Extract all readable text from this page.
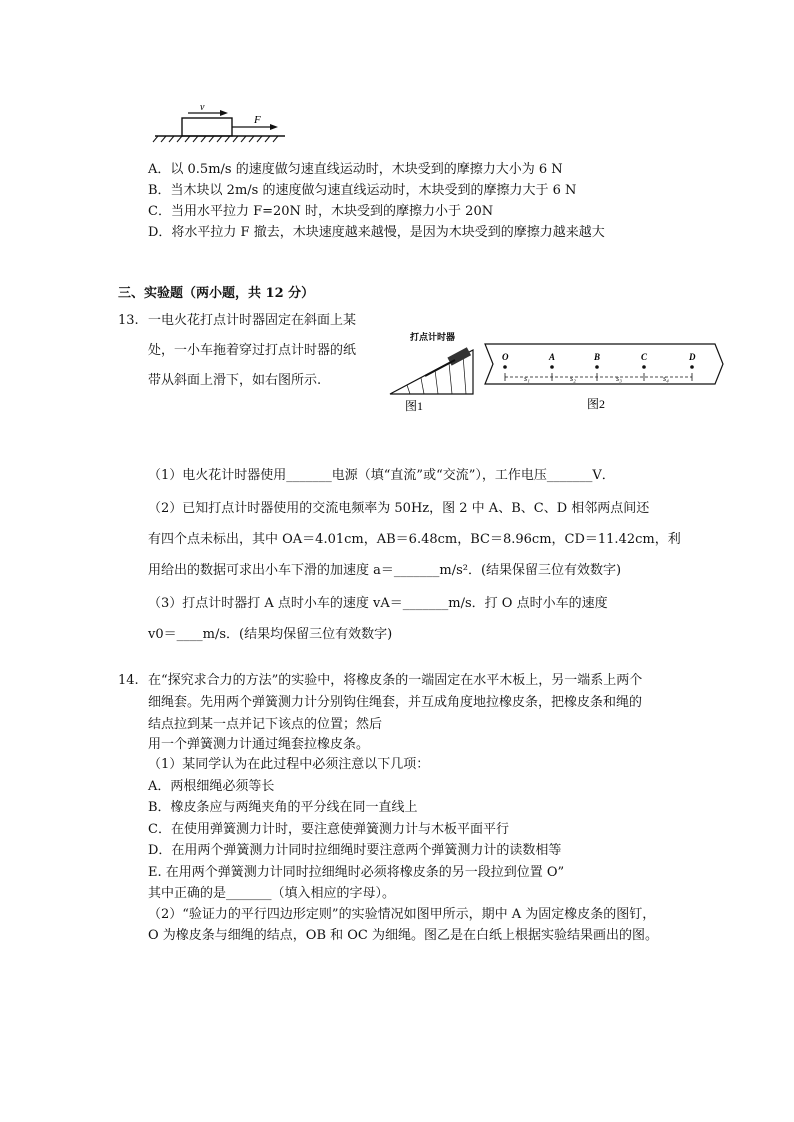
v
F
A．以 0.5m/s 的速度做匀速直线运动时，木块受到的摩擦力大小为 6 N
B．当木块以 2m/s 的速度做匀速直线运动时，木块受到的摩擦力大于 6 N
C．当用水平拉力 F=20N 时，木块受到的摩擦力小于 20N
D．将水平拉力 F 撤去，木块速度越来越慢，是因为木块受到的摩擦力越来越大
三、实验题（两小题，共 12 分）
13. 一电火花打点计时器固定在斜面上某
处，一小车拖着穿过打点计时器的纸
带从斜面上滑下，如右图所示.
打点计时器
图1
O	A	B	C	D
s₁	s₂	s₃	s₄
图2
（1）电火花计时器使用_______电源（填“直流”或“交流”），工作电压_______V．
（2）已知打点计时器使用的交流电频率为 50Hz，图 2 中 A、B、C、D 相邻两点间还
有四个点未标出，其中 OA＝4.01cm，AB＝6.48cm，BC＝8.96cm，CD＝11.42cm，利
用给出的数据可求出小车下滑的加速度 a＝_______m/s²．(结果保留三位有效数字)
（3）打点计时器打 A 点时小车的速度 vA＝_______m/s．打 O 点时小车的速度
v0＝____m/s．(结果均保留三位有效数字)
14. 在“探究求合力的方法”的实验中，将橡皮条的一端固定在水平木板上，另一端系上两个
细绳套。先用两个弹簧测力计分别钩住绳套，并互成角度地拉橡皮条，把橡皮条和绳的
结点拉到某一点并记下该点的位置；然后
用一个弹簧测力计通过绳套拉橡皮条。
（1）某同学认为在此过程中必须注意以下几项：
A．两根细绳必须等长
B．橡皮条应与两绳夹角的平分线在同一直线上
C．在使用弹簧测力计时，要注意使弹簧测力计与木板平面平行
D．在用两个弹簧测力计同时拉细绳时要注意两个弹簧测力计的读数相等
E. 在用两个弹簧测力计同时拉细绳时必须将橡皮条的另一段拉到位置 O”
其中正确的是_______（填入相应的字母）。
（2）“验证力的平行四边形定则”的实验情况如图甲所示，期中 A 为固定橡皮条的图钉，
O 为橡皮条与细绳的结点，OB 和 OC 为细绳。图乙是在白纸上根据实验结果画出的图。
